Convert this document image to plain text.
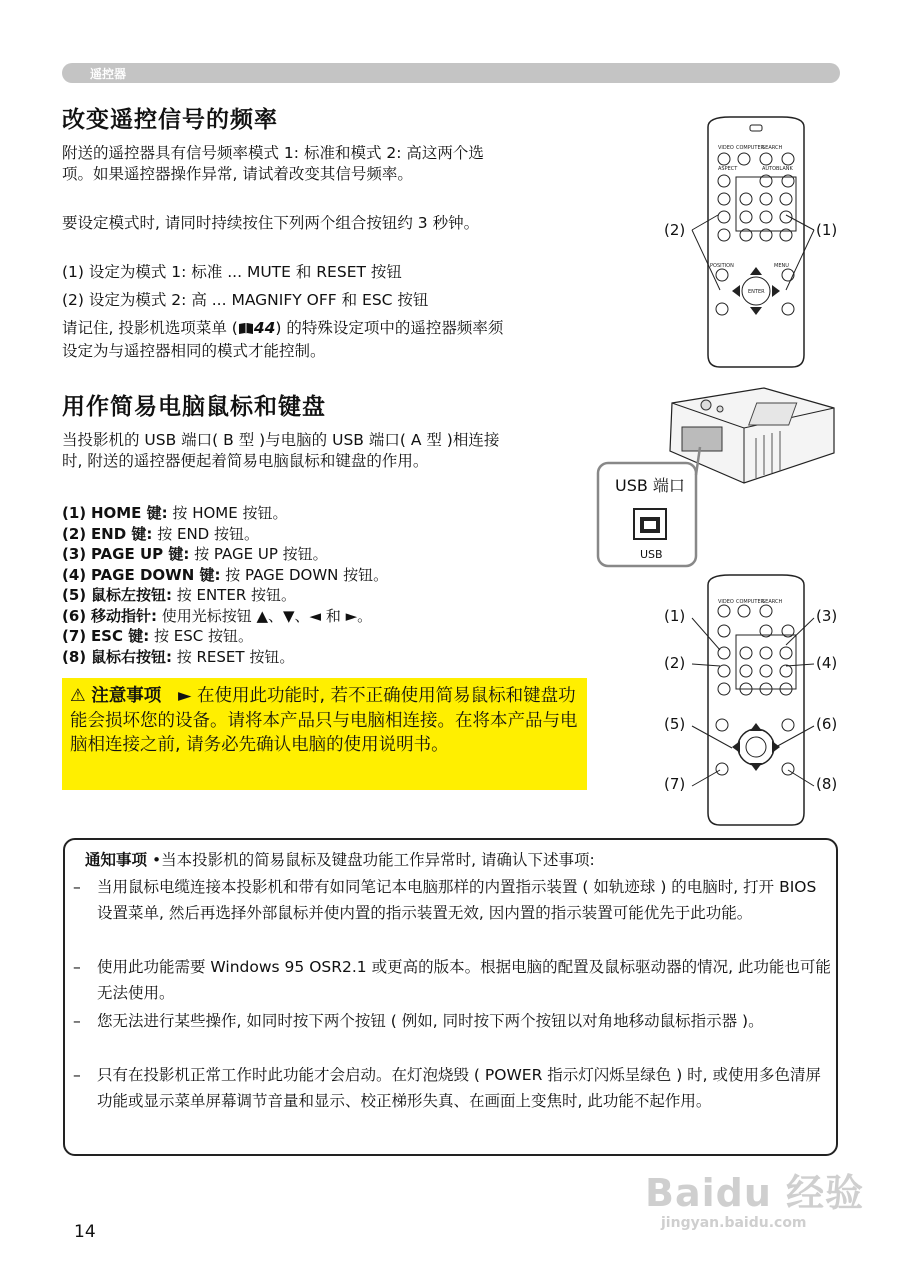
遥控器
改变遥控信号的频率

附送的遥控器具有信号频率模式 1: 标准和模式 2: 高这两个选项。如果遥控器操作异常, 请试着改变其信号频率。

要设定模式时, 请同时持续按住下列两个组合按钮约 3 秒钟。

(1) 设定为模式 1: 标准 ... MUTE 和 RESET 按钮

(2) 设定为模式 2: 高 ... MAGNIFY OFF 和 ESC 按钮

请记住, 投影机选项菜单 ( 44) 的特殊设定项中的遥控器频率须设定为与遥控器相同的模式才能控制。

用作简易电脑鼠标和键盘

当投影机的 USB 端口( B 型 )与电脑的 USB 端口( A 型 )相连接时, 附送的遥控器便起着简易电脑鼠标和键盘的作用。

(1) HOME 键: 按 HOME 按钮。
(2) END 键: 按 END 按钮。
(3) PAGE UP 键: 按 PAGE UP 按钮。
(4) PAGE DOWN 键: 按 PAGE DOWN 按钮。
(5) 鼠标左按钮: 按 ENTER 按钮。
(6) 移动指针: 使用光标按钮 ▲、▼、◄ 和 ►。
(7) ESC 键: 按 ESC 按钮。
(8) 鼠标右按钮: 按 RESET 按钮。

⚠ 注意事项 ► 在使用此功能时, 若不正确使用简易鼠标和键盘功能会损坏您的设备。请将本产品只与电脑相连接。在将本产品与电脑相连接之前, 请务必先确认电脑的使用说明书。

通知事项 •当本投影机的简易鼠标及键盘功能工作异常时, 请确认下述事项:
– 当用鼠标电缆连接本投影机和带有如同笔记本电脑那样的内置指示装置 ( 如轨迹球 ) 的电脑时, 打开 BIOS 设置菜单, 然后再选择外部鼠标并使内置的指示装置无效, 因内置的指示装置可能优先于此功能。
– 使用此功能需要 Windows 95 OSR2.1 或更高的版本。根据电脑的配置及鼠标驱动器的情况, 此功能也可能无法使用。
– 您无法进行某些操作, 如同时按下两个按钮 ( 例如, 同时按下两个按钮以对角地移动鼠标指示器 )。
– 只有在投影机正常工作时此功能才会启动。在灯泡烧毁 ( POWER 指示灯闪烁呈绿色 ) 时, 或使用多色清屏功能或显示菜单屏幕调节音量和显示、校正梯形失真、在画面上变焦时, 此功能不起作用。
VIDEO COMPUTER
SEARCH
ASPECT	AUTO BLANK
POSITION	MENU
ENTER
(2)	(1)
USB 端口
USB
VIDEO COMPUTER
SEARCH
(1)	(3)
(2)	(4)
(5)	(6)
(7)	(8)
14
Baidu 经验
jingyan.baidu.com
